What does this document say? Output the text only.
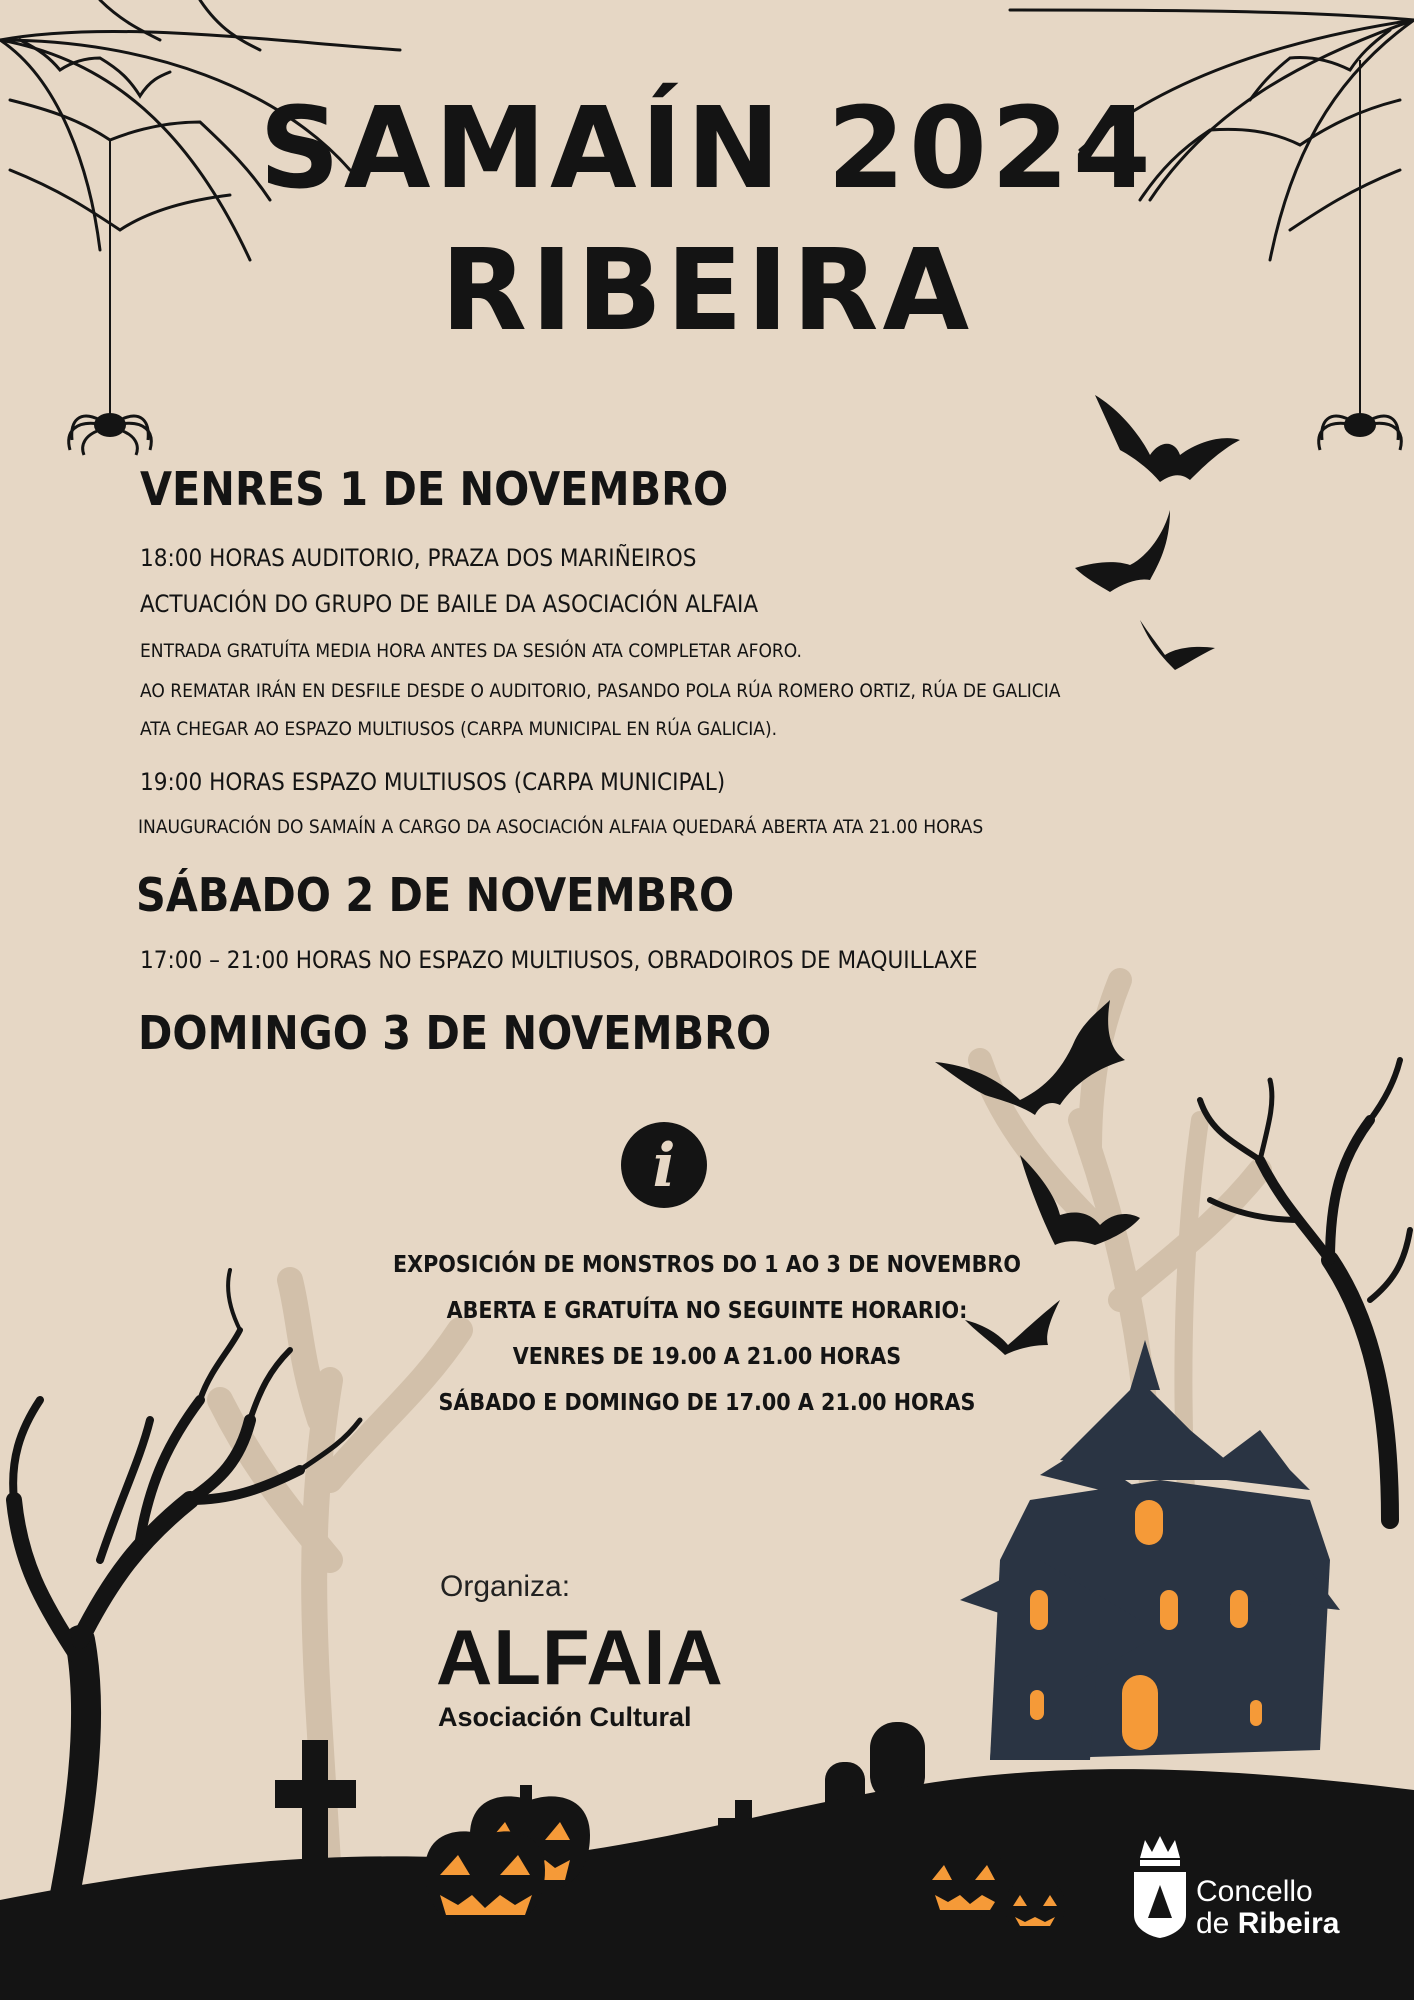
SAMAÍN 2024
RIBEIRA
VENRES 1 DE NOVEMBRO
18:00 HORAS AUDITORIO, PRAZA DOS MARIÑEIROS
ACTUACIÓN DO GRUPO DE BAILE DA ASOCIACIÓN ALFAIA
ENTRADA GRATUÍTA MEDIA HORA ANTES DA SESIÓN ATA COMPLETAR AFORO.
AO REMATAR IRÁN EN DESFILE DESDE O AUDITORIO, PASANDO POLA RÚA ROMERO ORTIZ, RÚA DE GALICIA
ATA CHEGAR AO ESPAZO MULTIUSOS (CARPA MUNICIPAL EN RÚA GALICIA).
19:00 HORAS ESPAZO MULTIUSOS (CARPA MUNICIPAL)
INAUGURACIÓN DO SAMAÍN A CARGO DA ASOCIACIÓN ALFAIA QUEDARÁ ABERTA ATA 21.00 HORAS
SÁBADO 2 DE NOVEMBRO
17:00 – 21:00 HORAS NO ESPAZO MULTIUSOS, OBRADOIROS DE MAQUILLAXE
DOMINGO 3 DE NOVEMBRO
i
EXPOSICIÓN DE MONSTROS DO 1 AO 3 DE NOVEMBRO
ABERTA E GRATUÍTA NO SEGUINTE HORARIO:
VENRES DE 19.00 A 21.00 HORAS
SÁBADO E DOMINGO DE 17.00 A 21.00 HORAS
Organiza:
ALFAIA
Asociación Cultural
Concello
de Ribeira
